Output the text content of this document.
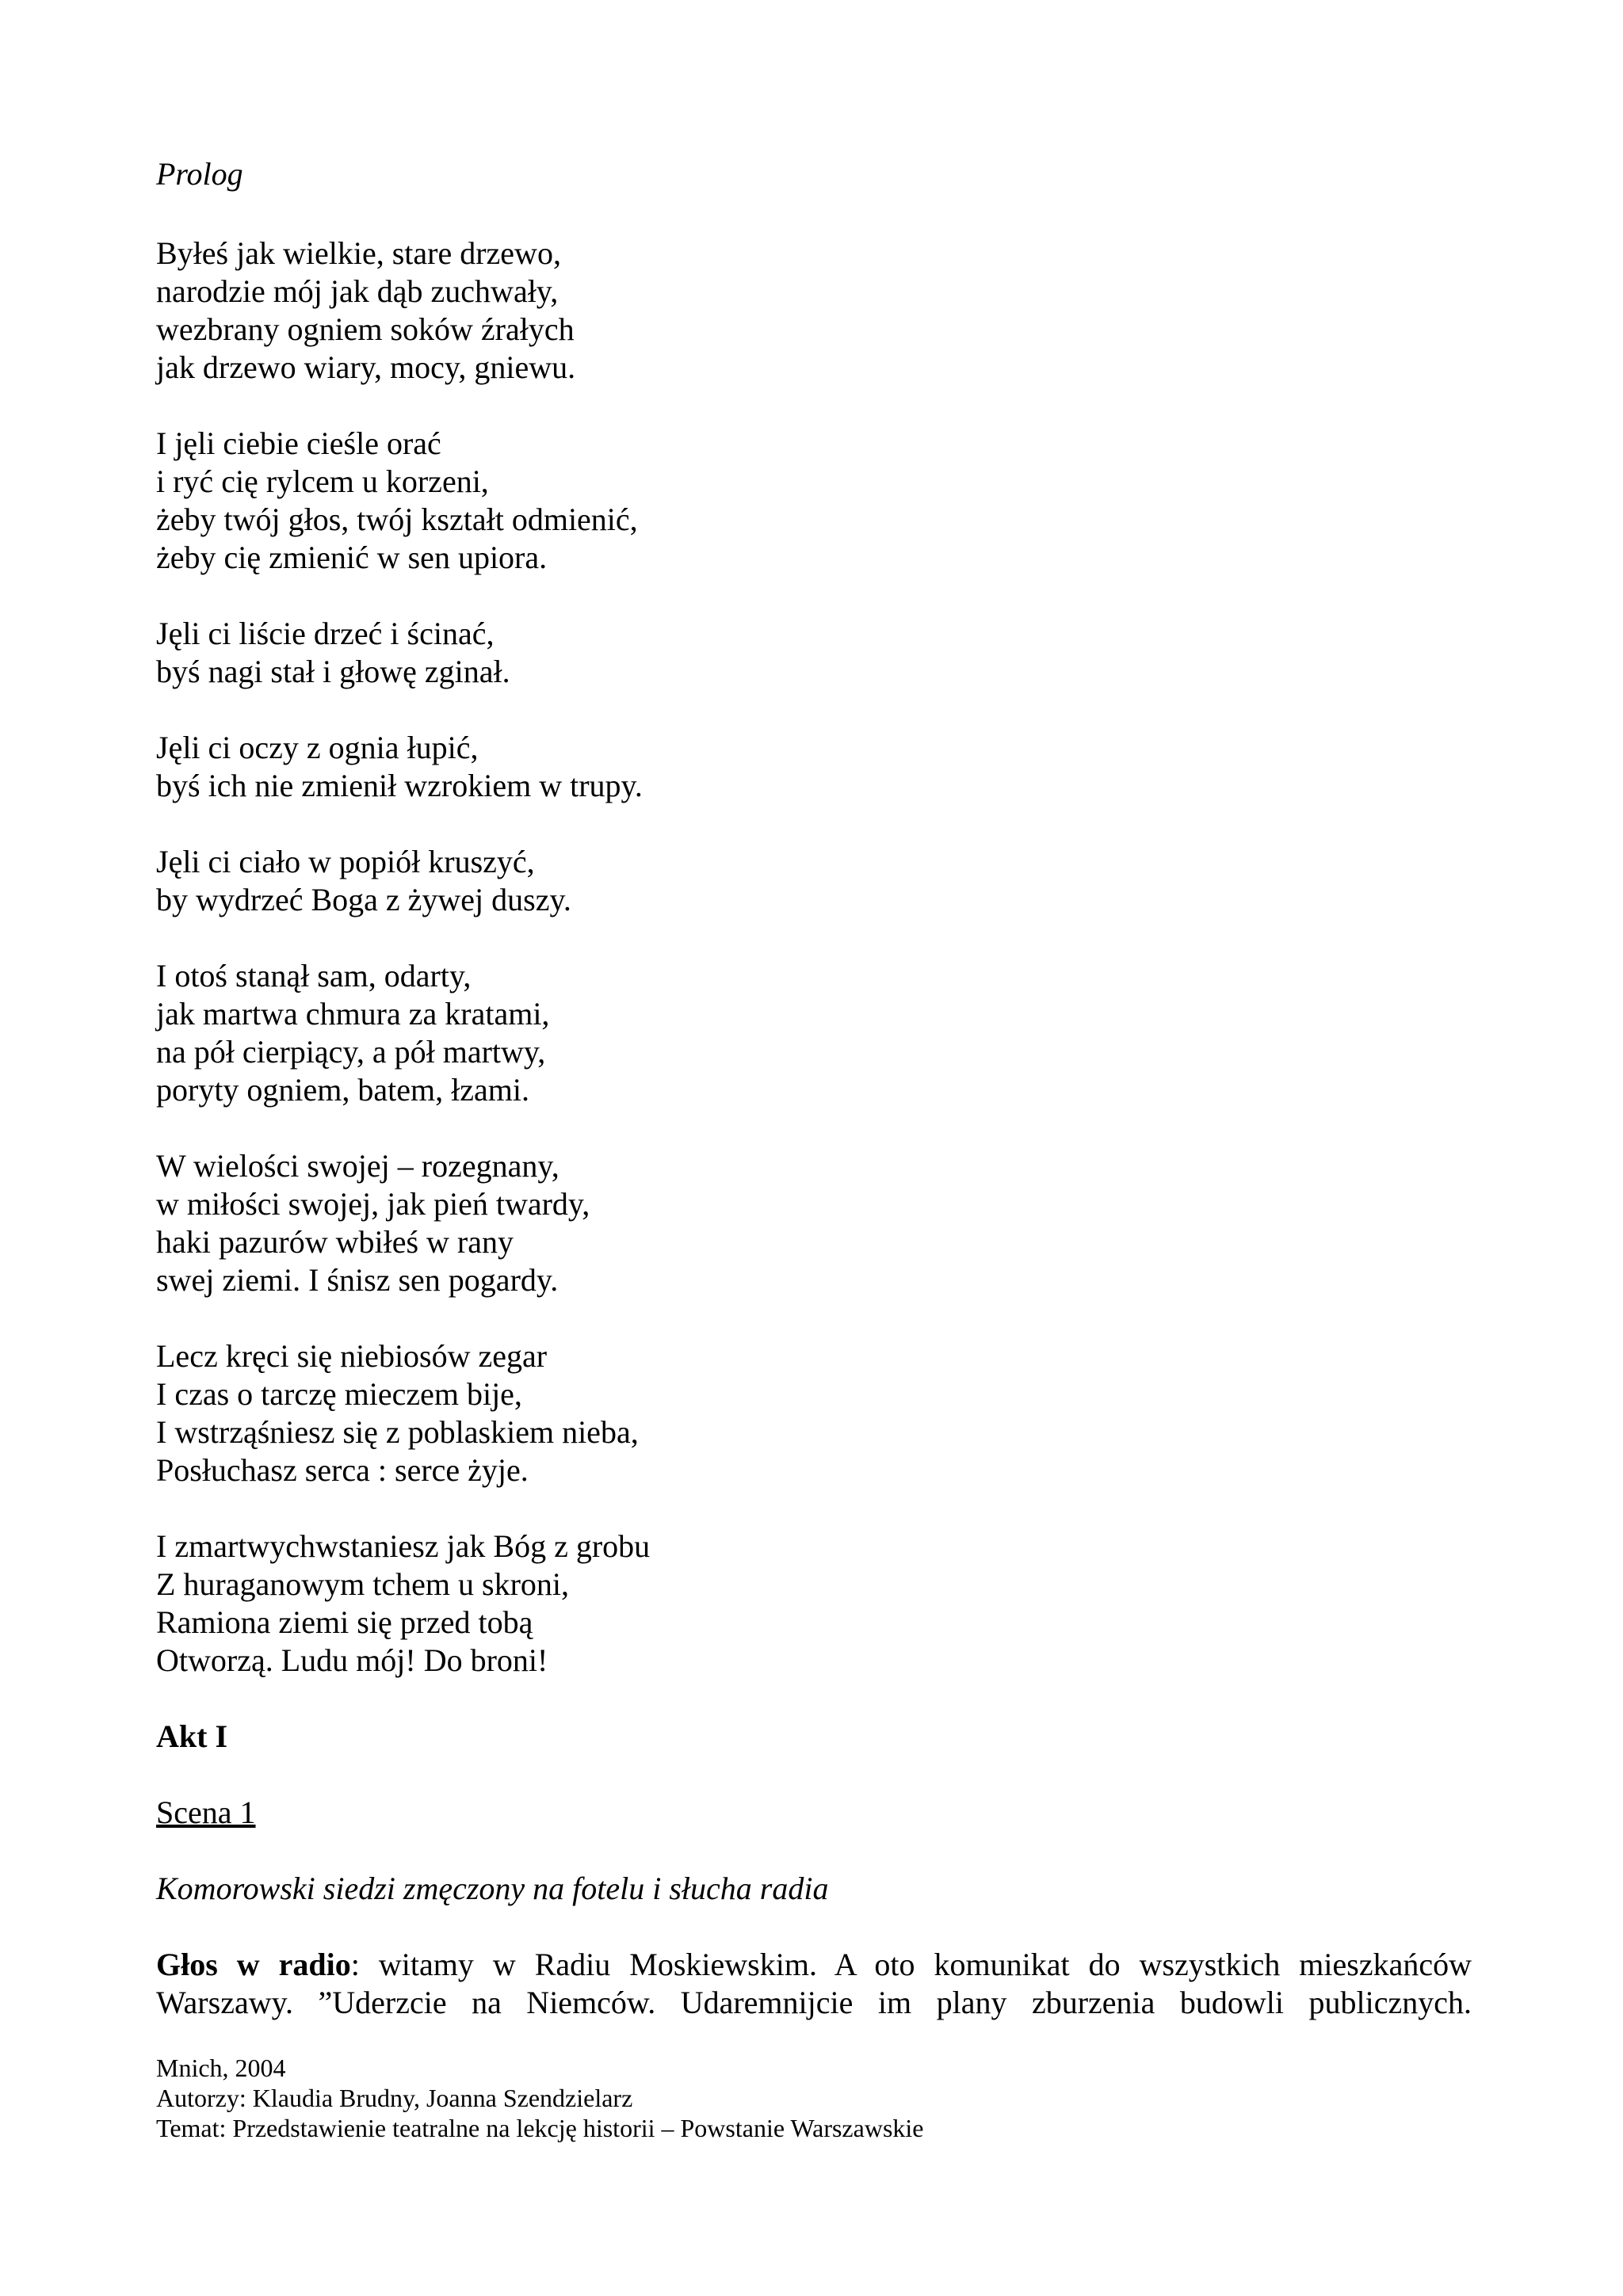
Prolog
Byłeś jak wielkie, stare drzewo,
narodzie mój jak dąb zuchwały,
wezbrany ogniem soków źrałych
jak drzewo wiary, mocy, gniewu.
I jęli ciebie cieśle orać
i ryć cię rylcem u korzeni,
żeby twój głos, twój kształt odmienić,
żeby cię zmienić w sen upiora.
Jęli ci liście drzeć i ścinać,
byś nagi stał i głowę zginał.
Jęli ci oczy z ognia łupić,
byś ich nie zmienił wzrokiem w trupy.
Jęli ci ciało w popiół kruszyć,
by wydrzeć Boga z żywej duszy.
I otoś stanął sam, odarty,
jak martwa chmura za kratami,
na pół cierpiący, a pół martwy,
poryty ogniem, batem, łzami.
W wielości swojej – rozegnany,
w miłości swojej, jak pień twardy,
haki pazurów wbiłeś w rany
swej ziemi. I śnisz sen pogardy.
Lecz kręci się niebiosów zegar
I czas o tarczę mieczem bije,
I wstrząśniesz się z poblaskiem nieba,
Posłuchasz serca : serce żyje.
I zmartwychwstaniesz jak Bóg z grobu
Z huraganowym tchem u skroni,
Ramiona ziemi się przed tobą
Otworzą. Ludu mój! Do broni!
Akt I
Scena 1
Komorowski siedzi zmęczony na fotelu i słucha radia

Głos w radio: witamy w Radiu Moskiewskim. A oto komunikat do wszystkich mieszkańców Warszawy. ”Uderzcie na Niemców. Udaremnijcie im plany zburzenia budowli publicznych.

Mnich, 2004
Autorzy: Klaudia Brudny, Joanna Szendzielarz
Temat: Przedstawienie teatralne na lekcję historii – Powstanie Warszawskie
